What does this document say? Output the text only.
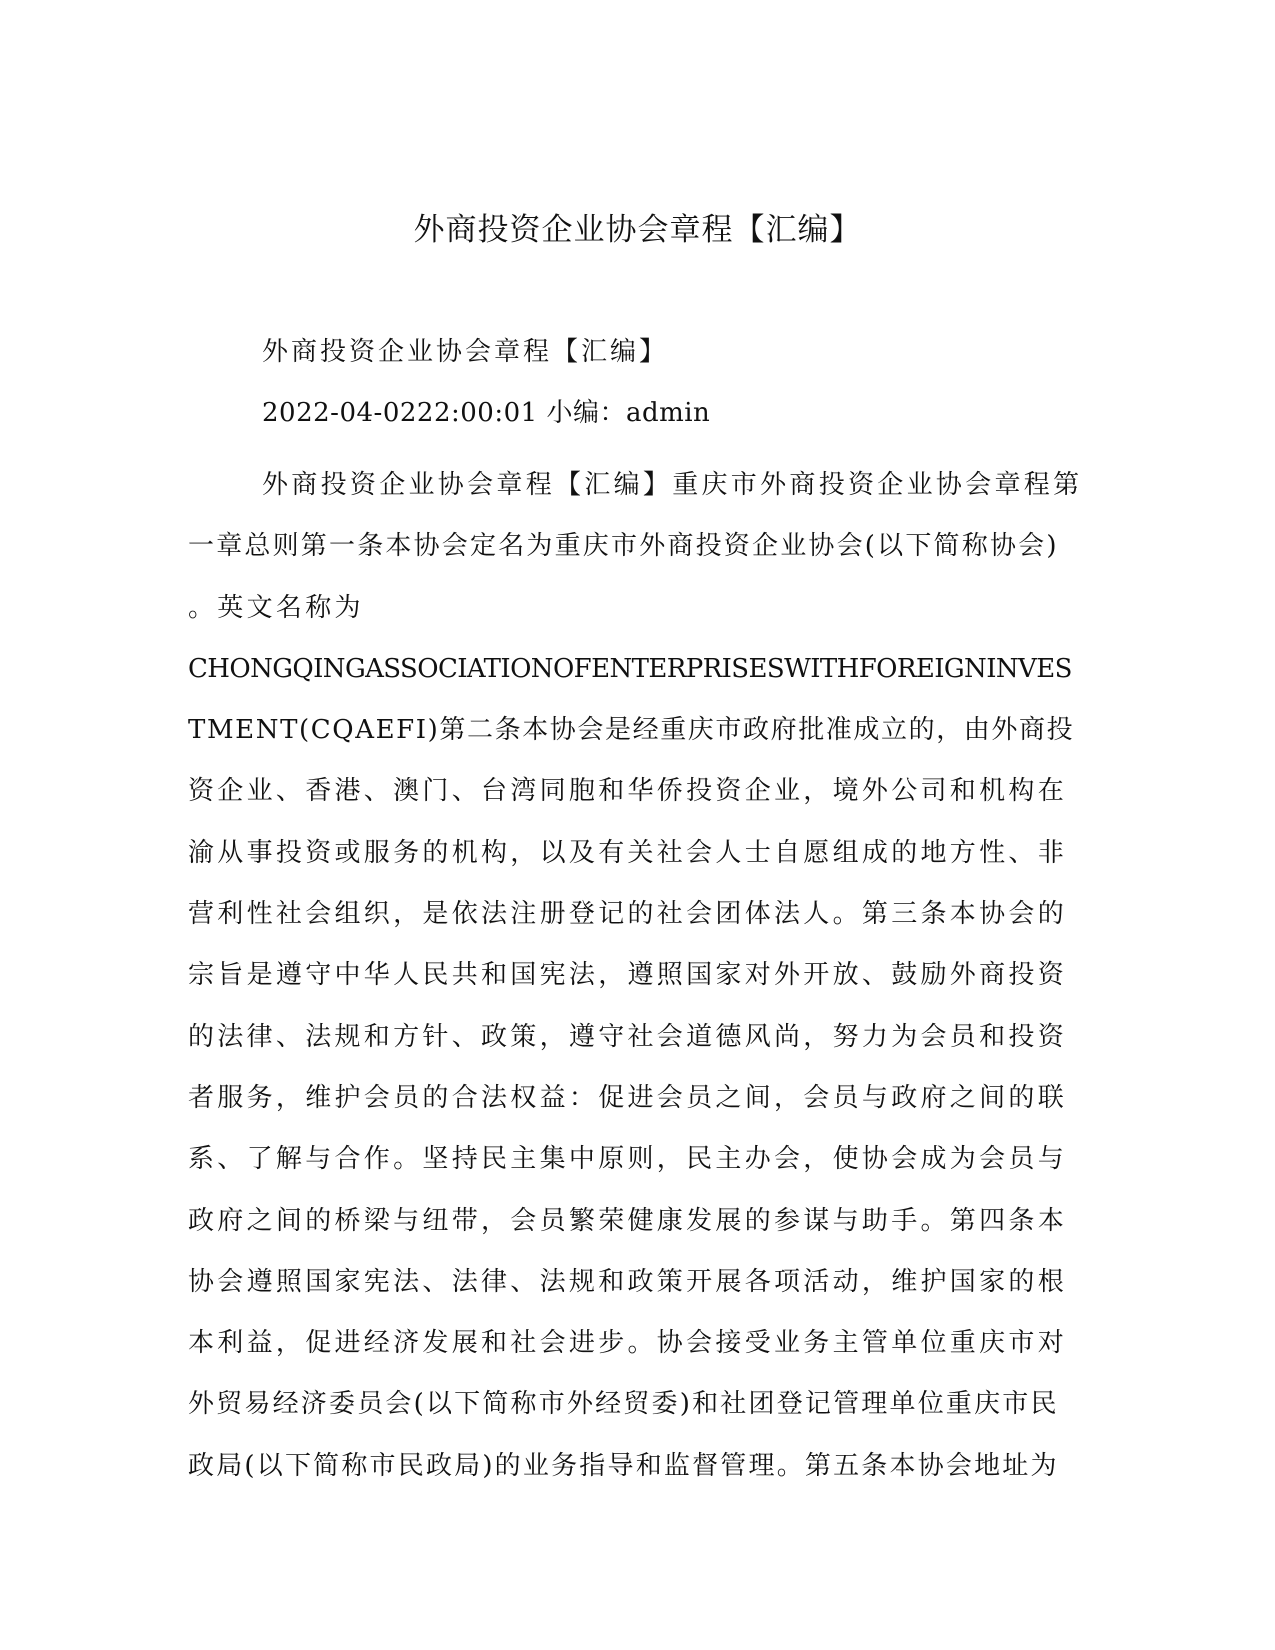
外商投资企业协会章程【汇编】
外商投资企业协会章程【汇编】
2022-04-0222:00:01 小编：admin
外商投资企业协会章程【汇编】重庆市外商投资企业协会章程第
一章总则第一条本协会定名为重庆市外商投资企业协会(以下简称协会)
。英文名称为
CHONGQINGASSOCIATIONOFENTERPRISESWITHFOREIGNINVES
TMENT(CQAEFI)第二条本协会是经重庆市政府批准成立的，由外商投
资企业、香港、澳门、台湾同胞和华侨投资企业，境外公司和机构在
渝从事投资或服务的机构，以及有关社会人士自愿组成的地方性、非
营利性社会组织，是依法注册登记的社会团体法人。第三条本协会的
宗旨是遵守中华人民共和国宪法，遵照国家对外开放、鼓励外商投资
的法律、法规和方针、政策，遵守社会道德风尚，努力为会员和投资
者服务，维护会员的合法权益：促进会员之间，会员与政府之间的联
系、了解与合作。坚持民主集中原则，民主办会，使协会成为会员与
政府之间的桥梁与纽带，会员繁荣健康发展的参谋与助手。第四条本
协会遵照国家宪法、法律、法规和政策开展各项活动，维护国家的根
本利益，促进经济发展和社会进步。协会接受业务主管单位重庆市对
外贸易经济委员会(以下简称市外经贸委)和社团登记管理单位重庆市民
政局(以下简称市民政局)的业务指导和监督管理。第五条本协会地址为
